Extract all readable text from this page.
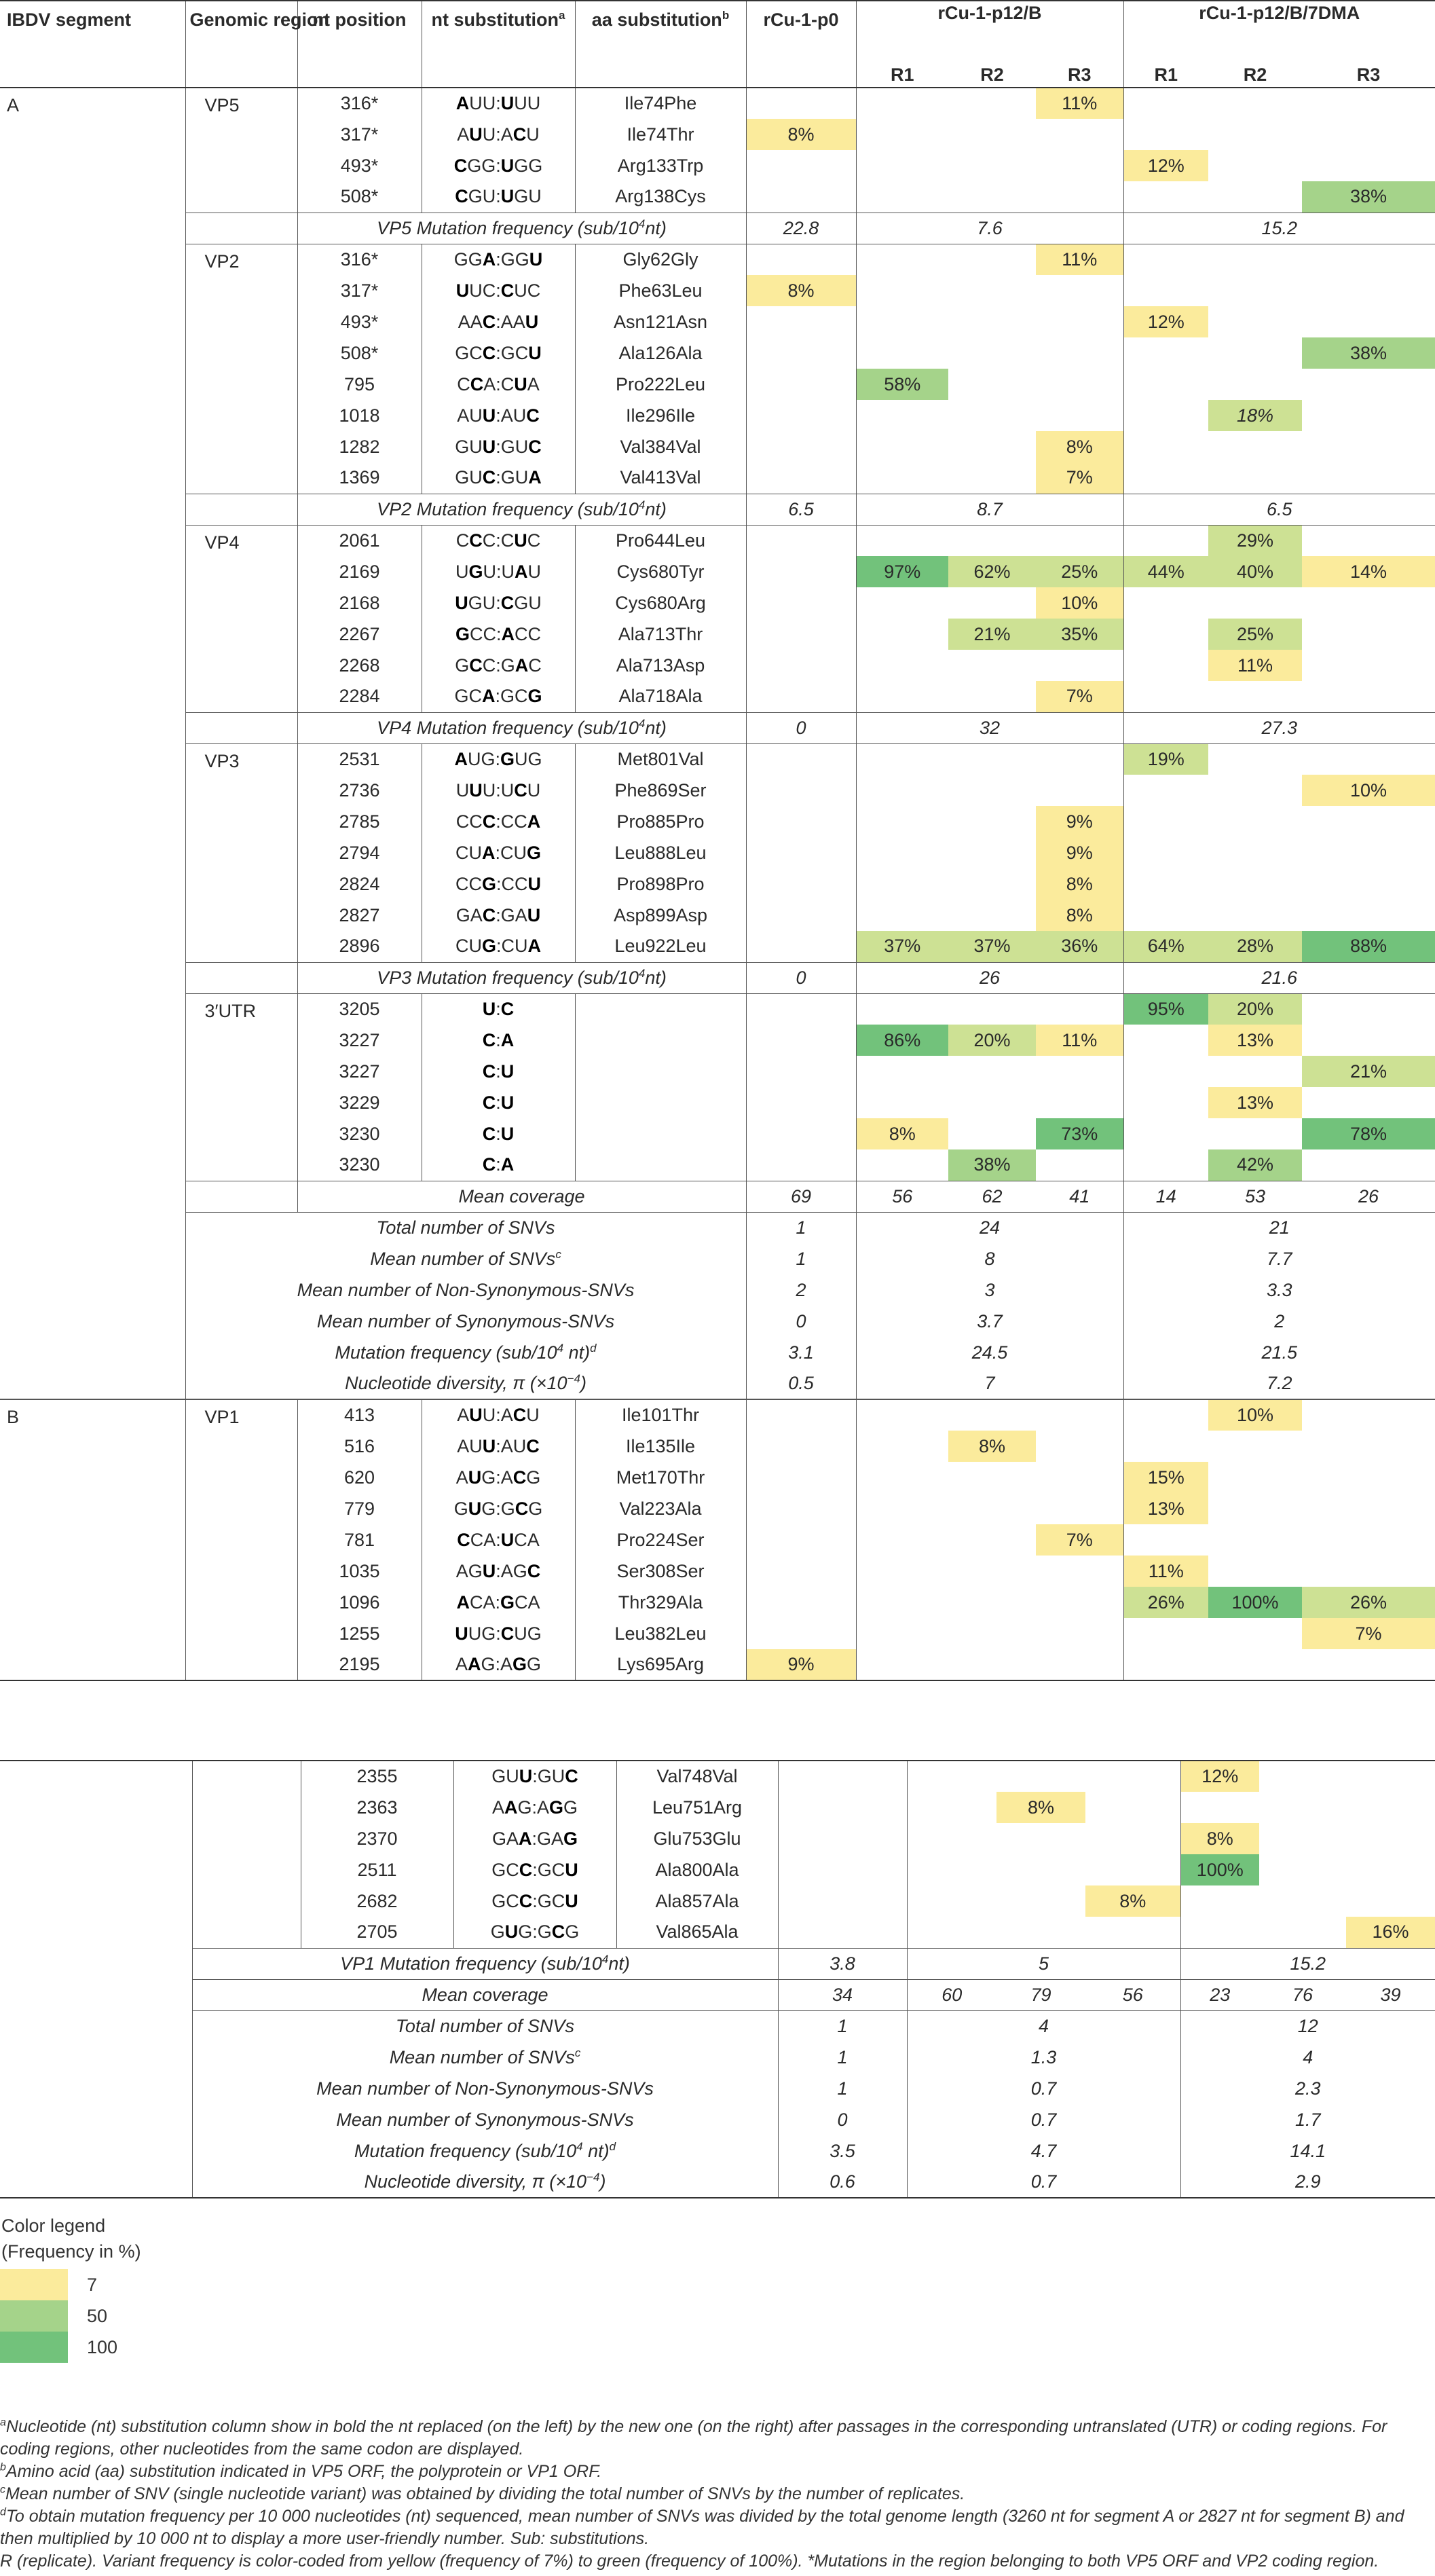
IBDV segment	Genomic region	nt position	nt substitution$^a$	aa substitution$^b$	rCu-1-p0	rCu-1-p12/B			rCu-1-p12/B/7DMA		
						R1	R2	R3	R1	R2	R3
A	VP5	316*	AUU:UUU	Ile74Phe				11%			
		317*	AUU:ACU	Ile74Thr	8%						
		493*	CGG:UGG	Arg133Trp					12%		
		508*	CGU:UGU	Arg138Cys							38%
		VP5 Mutation frequency $(sub/10^4nt)$			22.8	7.6			15.2		
	VP2	316*	GGA:GGU	Gly62Gly				11%			
		317*	UUC:CUC	Phe63Leu	8%						
		493*	AAC:AAU	Asn121Asn					12%		
		508*	GCC:GCU	Ala126Ala							38%
		795	CCA:CUA	Pro222Leu		58%					
		1018	AUU:AUC	Ile296Ile						18%	
		1282	GUU:GUC	Val384Val				8%			
		1369	GUC:GUA	Val413Val				7%			
		VP2 Mutation frequency $(sub/10^4nt)$			6.5	8.7			6.5		
	VP4	2061	CCC:CUC	Pro644Leu						29%	
		2169	UGU:UAU	Cys680Tyr		97%	62%	25%	44%	40%	14%
		2168	UGU:CGU	Cys680Arg				10%			
		2267	GCC:ACC	Ala713Thr			21%	35%		25%	
		2268	GCC:GAC	Ala713Asp						11%	
		2284	GCA:GCG	Ala718Ala				7%			
		VP4 Mutation frequency $(sub/10^4nt)$			0	32			27.3		
	VP3	2531	AUG:GUG	Met801Val					19%		
		2736	UUU:UCU	Phe869Ser							10%
		2785	CCC:CCA	Pro885Pro				9%			
		2794	CUA:CUG	Leu888Leu				9%			
		2824	CCG:CCU	Pro898Pro				8%			
		2827	GAC:GAU	Asp899Asp				8%			
		2896	CUG:CUA	Leu922Leu		37%	37%	36%	64%	28%	88%
		VP3 Mutation frequency $(sub/10^4nt)$			0	26			21.6		
	3′UTR	3205	U:C						95%	20%	
		3227	C:A			86%	20%	11%		13%	
		3227	C:U								21%
		3229	C:U							13%	
		3230	C:U			8%		73%			78%
		3230	C:A				38%			42%	
		Mean coverage			69	56	62	41	14	53	26
	Total number of SNVs				1	24			21		
	Mean number of SNVs$^c$				1	8			7.7		
	Mean number of Non-Synonymous-SNVs				2	3			3.3		
	Mean number of Synonymous-SNVs				0	3.7			2		
	Mutation frequency ($sub/10^4$ nt)$^d$				3.1	24.5			21.5		
	Nucleotide diversity, π $(\times 10^{-4})$				0.5	7			7.2		
B	VP1	413	AUU:ACU	Ile101Thr						10%	
		516	AUU:AUC	Ile135Ile			8%				
		620	AUG:ACG	Met170Thr					15%		
		779	GUG:GCG	Val223Ala					13%		
		781	CCA:UCA	Pro224Ser				7%			
		1035	AGU:AGC	Ser308Ser					11%		
		1096	ACA:GCA	Thr329Ala					26%	100%	26%
		1255	UUG:CUG	Leu382Leu							7%
		2195	AAG:AGG	Lys695Arg	9%						
		2355	GUU:GUC	Val748Val					12%		
		2363	AAG:AGG	Leu751Arg			8%				
		2370	GAA:GAG	Glu753Glu					8%		
		2511	GCC:GCU	Ala800Ala					100%		
		2682	GCC:GCU	Ala857Ala				8%			
		2705	GUG:GCG	Val865Ala							16%
	VP1 Mutation frequency $(sub/10^4nt)$				3.8	5			15.2		
	Mean coverage				34	60	79	56	23	76	39
	Total number of SNVs				1	4			12		
	Mean number of SNVs$^c$				1	1.3			4		
	Mean number of Non-Synonymous-SNVs				1	0.7			2.3		
	Mean number of Synonymous-SNVs				0	0.7			1.7		
	Mutation frequency ($sub/10^4$ nt)$^d$				3.5	4.7			14.1		
	Nucleotide diversity, π $(\times 10^{-4})$				0.6	0.7			2.9		
Color legend
(Frequency in %)
7
50
100

$^a$Nucleotide (nt) substitution column show in bold the nt replaced (on the left) by the new one (on the right) after passages in the corresponding untranslated (UTR) or coding regions. For coding regions, other nucleotides from the same codon are displayed.

$^b$Amino acid (aa) substitution indicated in VP5 ORF, the polyprotein or VP1 ORF.

$^c$Mean number of SNV (single nucleotide variant) was obtained by dividing the total number of SNVs by the number of replicates.

$^d$To obtain mutation frequency per 10 000 nucleotides (nt) sequenced, mean number of SNVs was divided by the total genome length (3260 nt for segment A or 2827 nt for segment B) and then multiplied by 10 000 nt to display a more user-friendly number. Sub: substitutions.

R (replicate). Variant frequency is color-coded from yellow (frequency of 7%) to green (frequency of 100%). *Mutations in the region belonging to both VP5 ORF and VP2 coding region.
